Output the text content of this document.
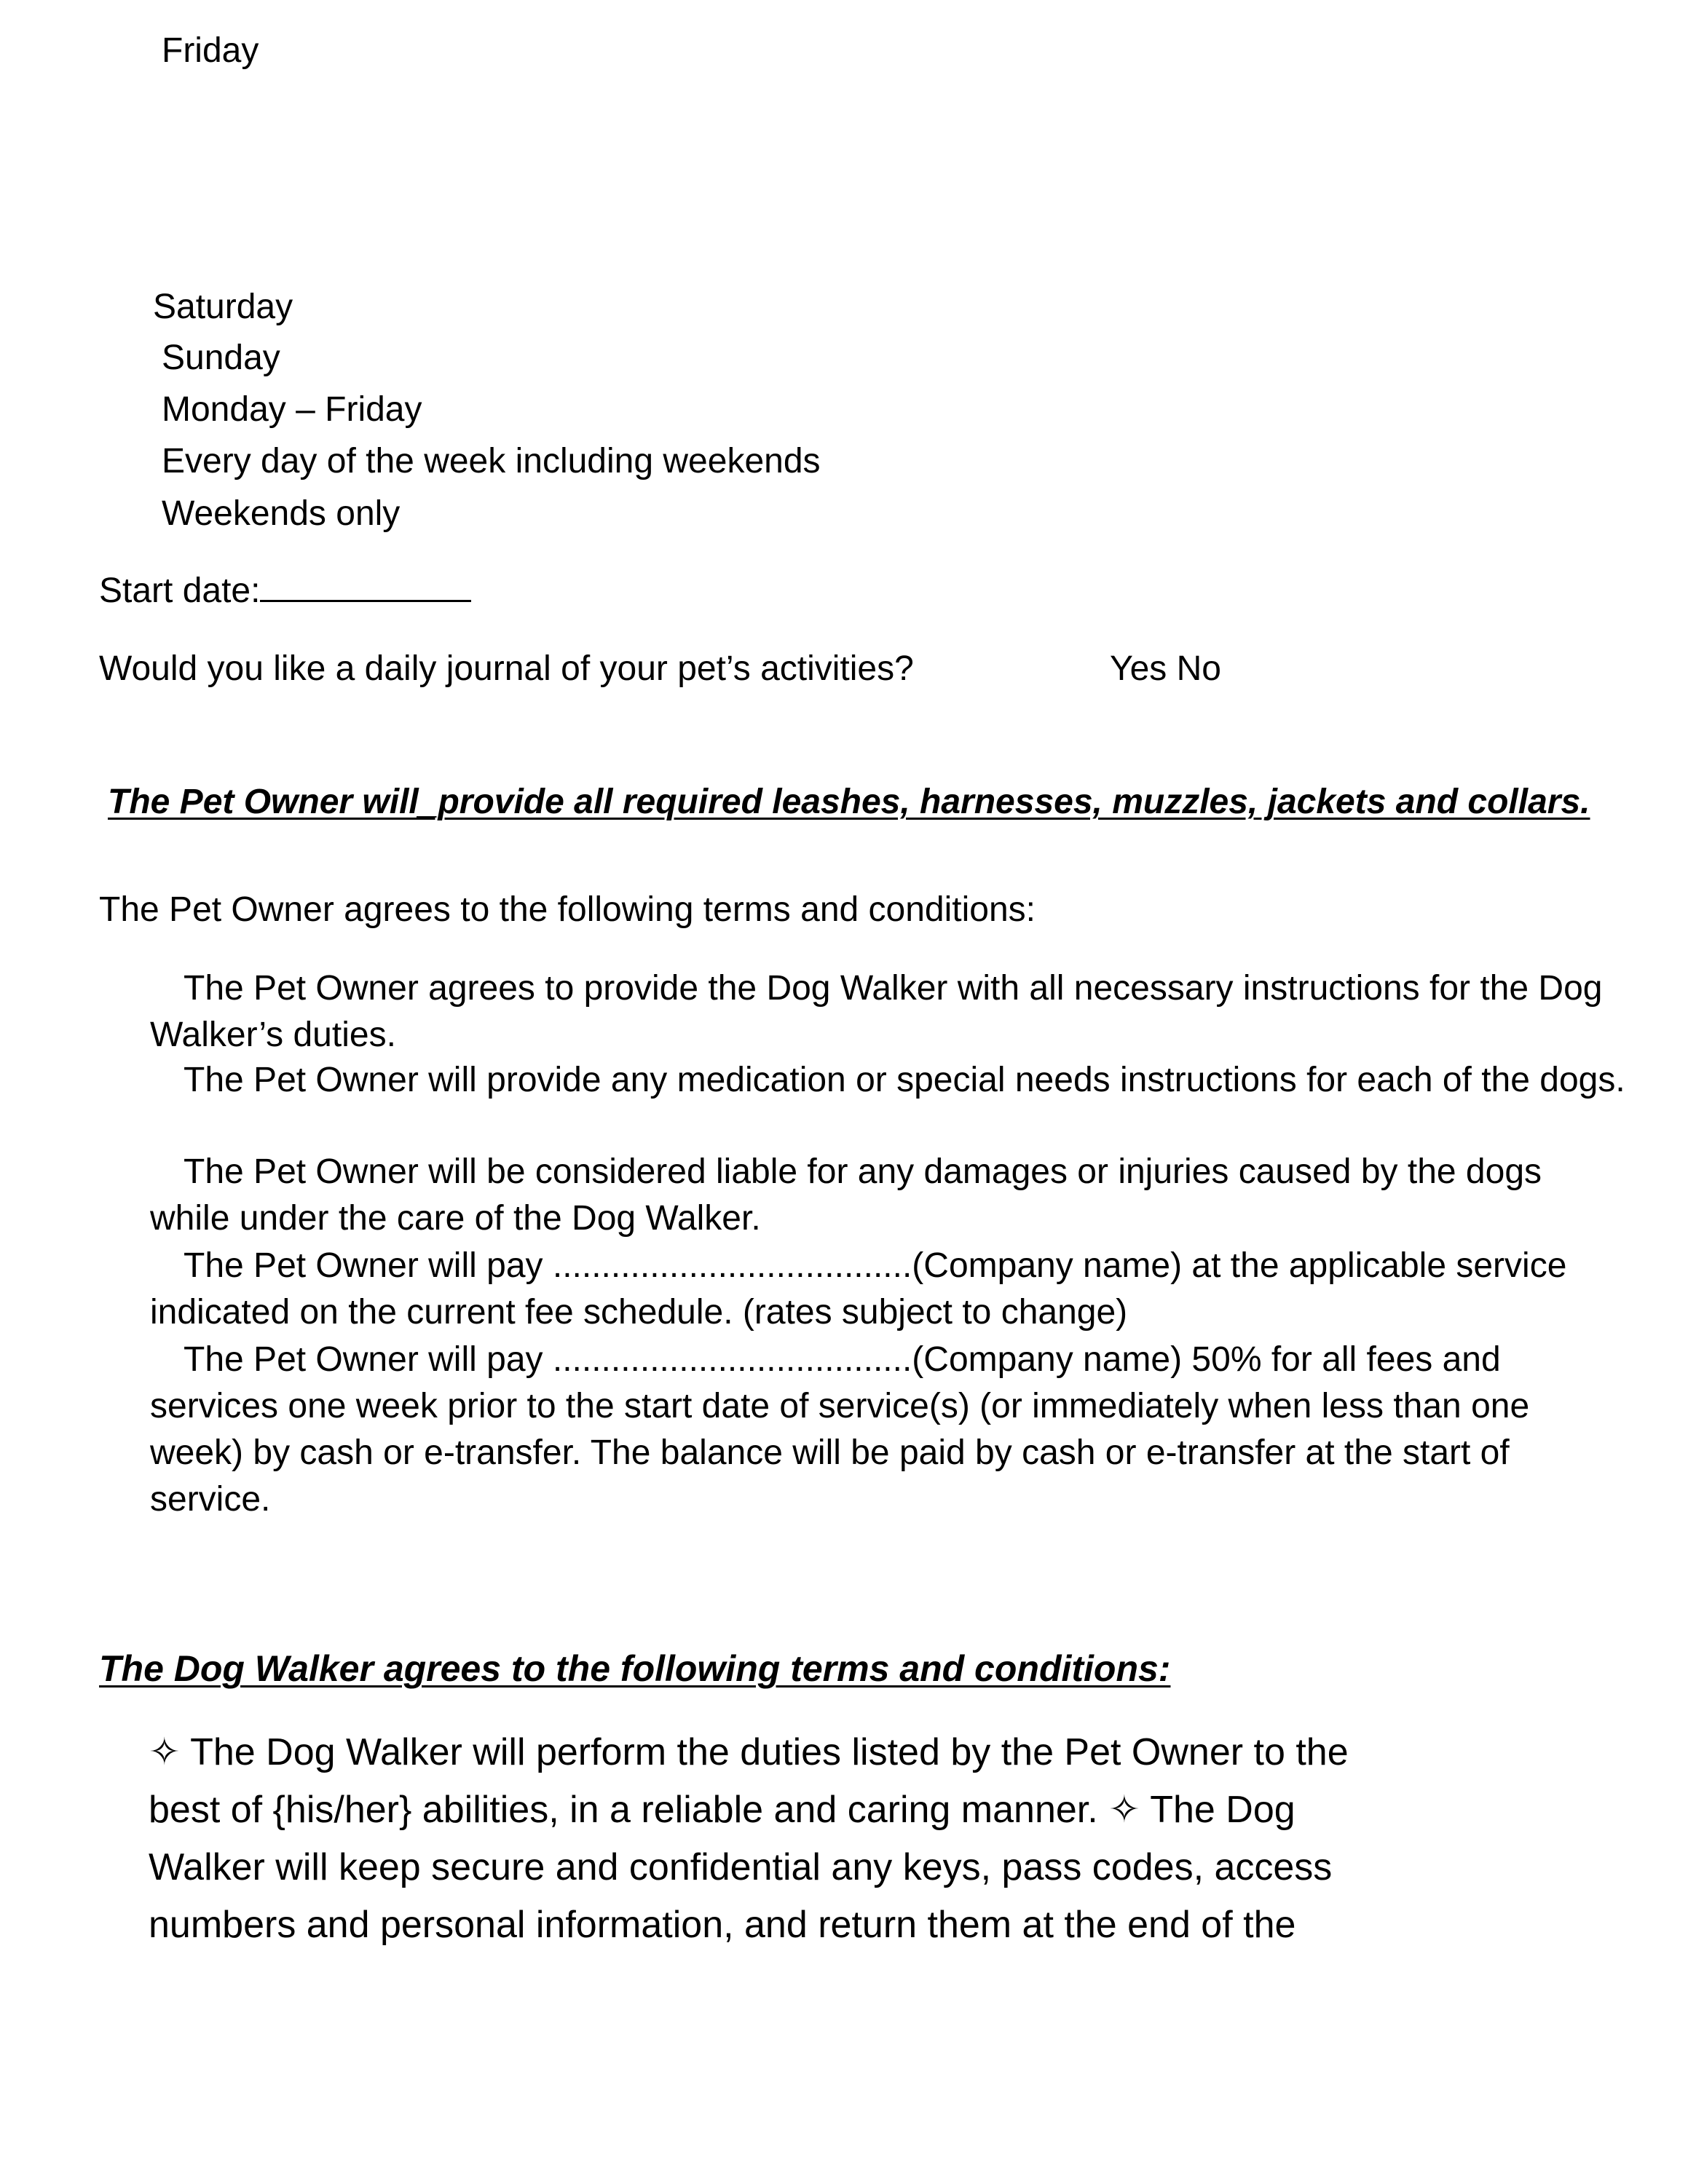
Friday
Saturday
Sunday
Monday – Friday
Every day of the week including weekends
Weekends only
Start date:
Would you like a daily journal of your pet’s activities?	Yes No
The Pet Owner will_provide all required leashes, harnesses, muzzles, jackets and collars.
The Pet Owner agrees to the following terms and conditions:
The Pet Owner agrees to provide the Dog Walker with all necessary instructions for the Dog Walker’s duties.
The Pet Owner will provide any medication or special needs instructions for each of the dogs.
The Pet Owner will be considered liable for any damages or injuries caused by the dogs while under the care of the Dog Walker.
The Pet Owner will pay .....................................(Company name) at the applicable service indicated on the current fee schedule. (rates subject to change)
The Pet Owner will pay .....................................(Company name) 50% for all fees and services one week prior to the start date of service(s) (or immediately when less than one week) by cash or e-transfer. The balance will be paid by cash or e-transfer at the start of service.
The Dog Walker agrees to the following terms and conditions:
✧ The Dog Walker will perform the duties listed by the Pet Owner to the best of {his/her} abilities, in a reliable and caring manner. ✧ The Dog Walker will keep secure and confidential any keys, pass codes, access numbers and personal information, and return them at the end of the
